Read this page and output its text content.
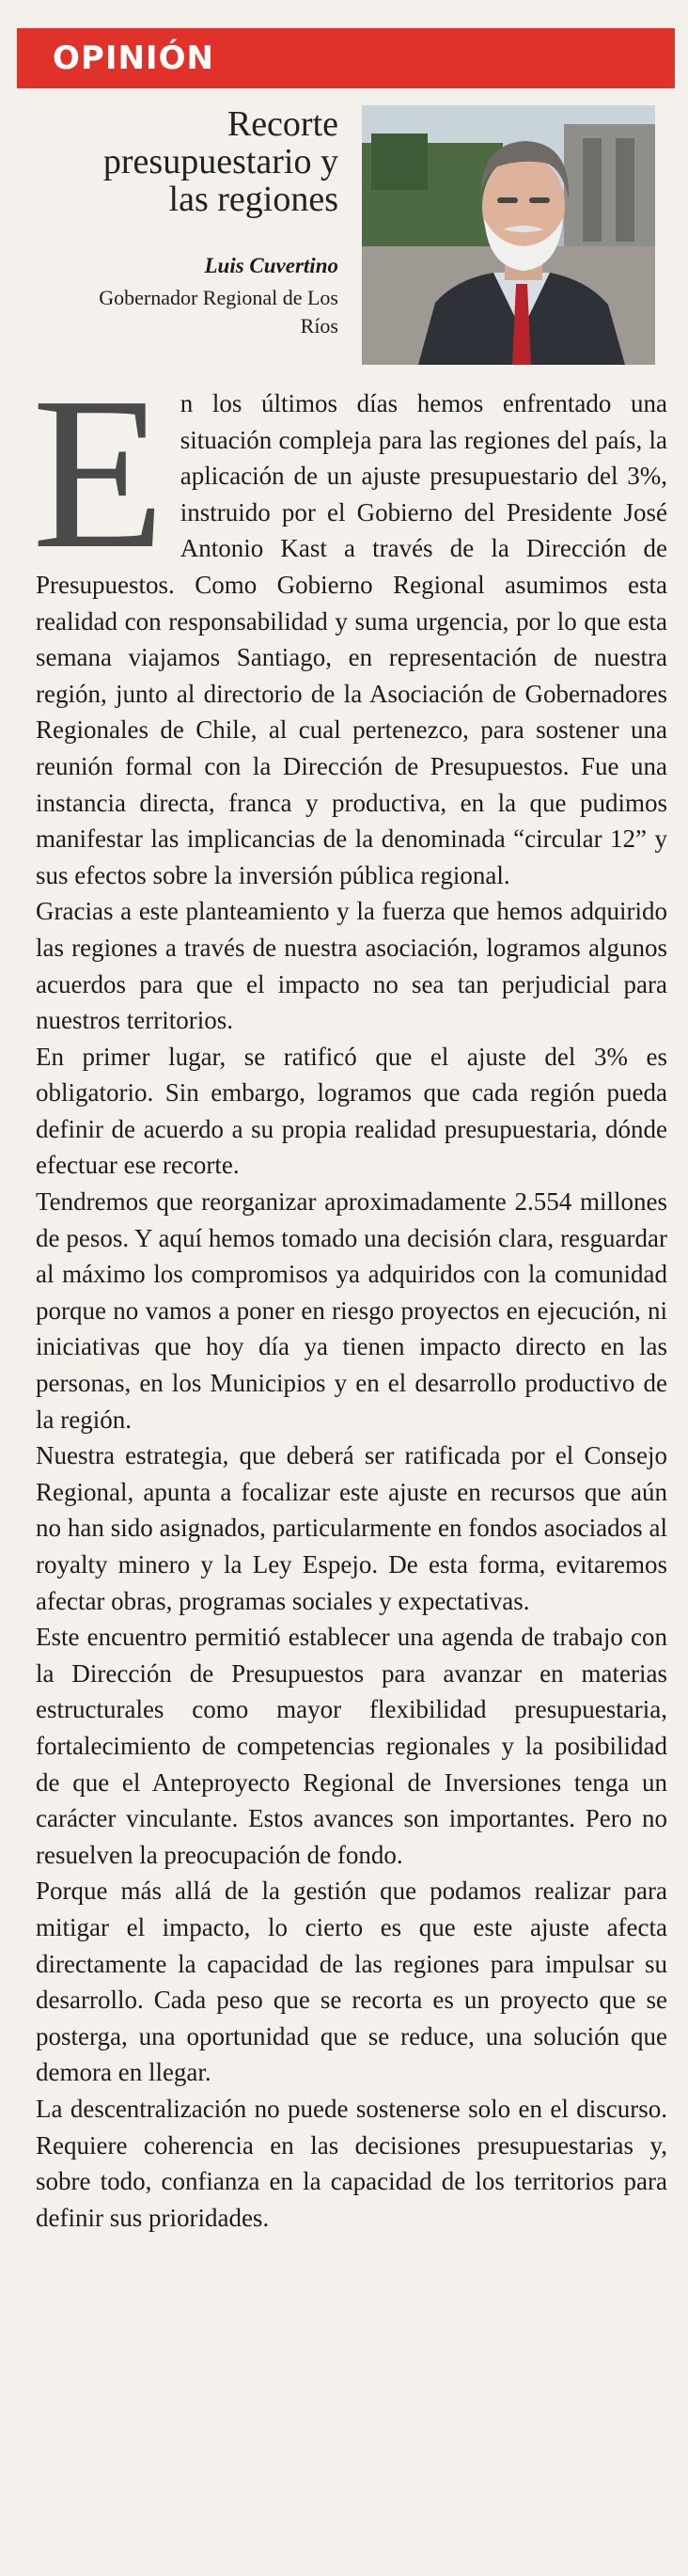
OPINIÓN
Recorte presupuestario y las regiones
Luis Cuvertino
Gobernador Regional de Los Ríos
E n los últimos días hemos enfrentado una situación compleja para las regiones del país, la aplicación de un ajuste presupuestario del 3%, instruido por el Gobierno del Presidente José Antonio Kast a través de la Dirección de Presupuestos. Como Gobierno Regional asumimos esta realidad con responsabilidad y suma urgencia, por lo que esta semana viajamos Santiago, en representación de nuestra región, junto al directorio de la Asociación de Gobernadores Regionales de Chile, al cual pertenezco, para sostener una reunión formal con la Dirección de Presupuestos. Fue una instancia directa, franca y productiva, en la que pudimos manifestar las implicancias de la denominada “circular 12” y sus efectos sobre la inversión pública regional.

Gracias a este planteamiento y la fuerza que hemos adquirido las regiones a través de nuestra asociación, logramos algunos acuerdos para que el impacto no sea tan perjudicial para nuestros territorios.

En primer lugar, se ratificó que el ajuste del 3% es obligatorio. Sin embargo, logramos que cada región pueda definir de acuerdo a su propia realidad presupuestaria, dónde efectuar ese recorte.

Tendremos que reorganizar aproximadamente 2.554 millones de pesos. Y aquí hemos tomado una decisión clara, resguardar al máximo los compromisos ya adquiridos con la comunidad porque no vamos a poner en riesgo proyectos en ejecución, ni iniciativas que hoy día ya tienen impacto directo en las personas, en los Municipios y en el desarrollo productivo de la región.

Nuestra estrategia, que deberá ser ratificada por el Consejo Regional, apunta a focalizar este ajuste en recursos que aún no han sido asignados, particularmente en fondos asociados al royalty minero y la Ley Espejo. De esta forma, evitaremos afectar obras, programas sociales y expectativas.

Este encuentro permitió establecer una agenda de trabajo con la Dirección de Presupuestos para avanzar en materias estructurales como mayor flexibilidad presupuestaria, fortalecimiento de competencias regionales y la posibilidad de que el Anteproyecto Regional de Inversiones tenga un carácter vinculante. Estos avances son importantes. Pero no resuelven la preocupación de fondo.

Porque más allá de la gestión que podamos realizar para mitigar el impacto, lo cierto es que este ajuste afecta directamente la capacidad de las regiones para impulsar su desarrollo. Cada peso que se recorta es un proyecto que se posterga, una oportunidad que se reduce, una solución que demora en llegar.

La descentralización no puede sostenerse solo en el discurso. Requiere coherencia en las decisiones presupuestarias y, sobre todo, confianza en la capacidad de los territorios para definir sus prioridades.
